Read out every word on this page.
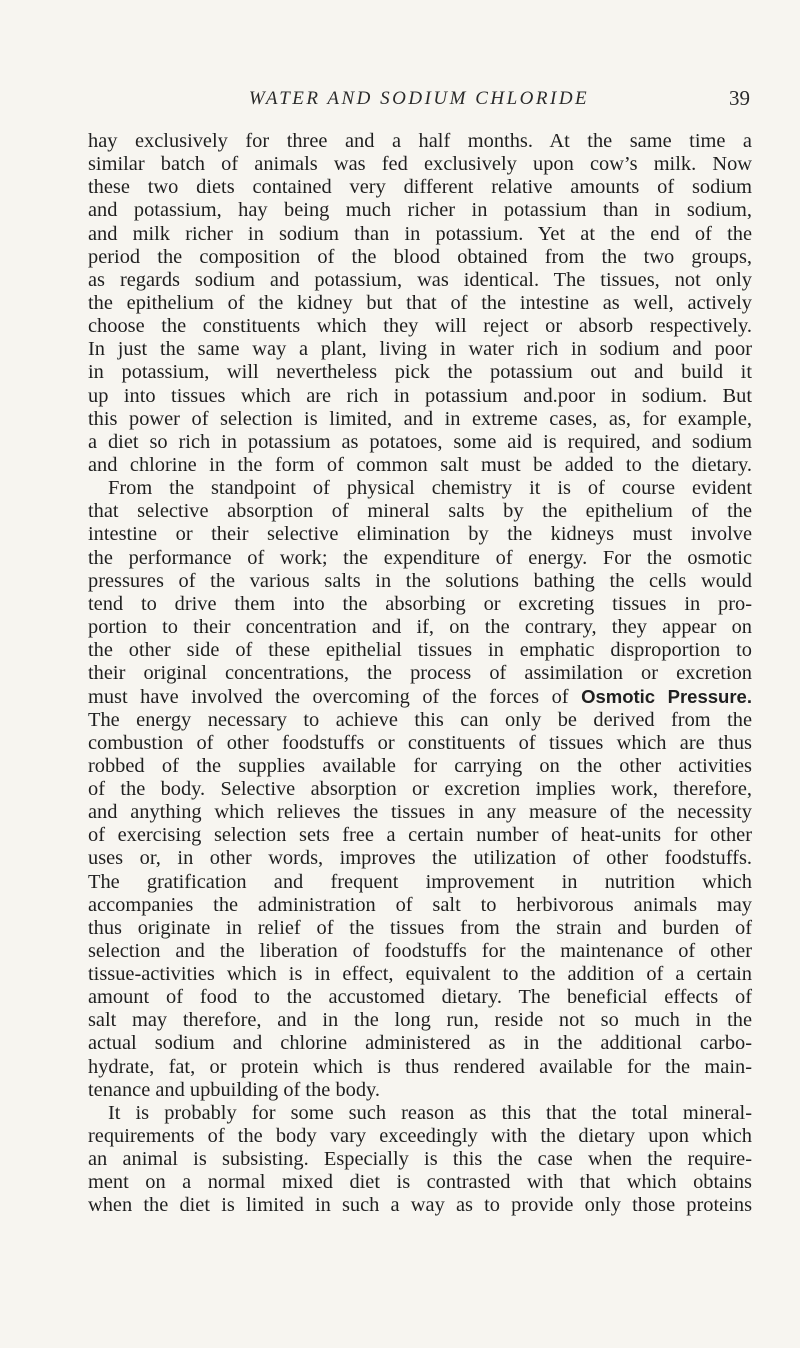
WATER AND SODIUM CHLORIDE	39
hay exclusively for three and a half months. At the same time a
similar batch of animals was fed exclusively upon cow’s milk. Now
these two diets contained very different relative amounts of sodium
and potassium, hay being much richer in potassium than in sodium,
and milk richer in sodium than in potassium. Yet at the end of the
period the composition of the blood obtained from the two groups,
as regards sodium and potassium, was identical. The tissues, not only
the epithelium of the kidney but that of the intestine as well, actively
choose the constituents which they will reject or absorb respectively.
In just the same way a plant, living in water rich in sodium and poor
in potassium, will nevertheless pick the potassium out and build it
up into tissues which are rich in potassium and.poor in sodium. But
this power of selection is limited, and in extreme cases, as, for example,
a diet so rich in potassium as potatoes, some aid is required, and sodium
and chlorine in the form of common salt must be added to the dietary.
From the standpoint of physical chemistry it is of course evident
that selective absorption of mineral salts by the epithelium of the
intestine or their selective elimination by the kidneys must involve
the performance of work; the expenditure of energy. For the osmotic
pressures of the various salts in the solutions bathing the cells would
tend to drive them into the absorbing or excreting tissues in pro-
portion to their concentration and if, on the contrary, they appear on
the other side of these epithelial tissues in emphatic disproportion to
their original concentrations, the process of assimilation or excretion
must have involved the overcoming of the forces of Osmotic Pressure.
The energy necessary to achieve this can only be derived from the
combustion of other foodstuffs or constituents of tissues which are thus
robbed of the supplies available for carrying on the other activities
of the body. Selective absorption or excretion implies work, therefore,
and anything which relieves the tissues in any measure of the necessity
of exercising selection sets free a certain number of heat-units for other
uses or, in other words, improves the utilization of other foodstuffs.
The gratification and frequent improvement in nutrition which
accompanies the administration of salt to herbivorous animals may
thus originate in relief of the tissues from the strain and burden of
selection and the liberation of foodstuffs for the maintenance of other
tissue-activities which is in effect, equivalent to the addition of a certain
amount of food to the accustomed dietary. The beneficial effects of
salt may therefore, and in the long run, reside not so much in the
actual sodium and chlorine administered as in the additional carbo-
hydrate, fat, or protein which is thus rendered available for the main-
tenance and upbuilding of the body.
It is probably for some such reason as this that the total mineral-
requirements of the body vary exceedingly with the dietary upon which
an animal is subsisting. Especially is this the case when the require-
ment on a normal mixed diet is contrasted with that which obtains
when the diet is limited in such a way as to provide only those proteins
